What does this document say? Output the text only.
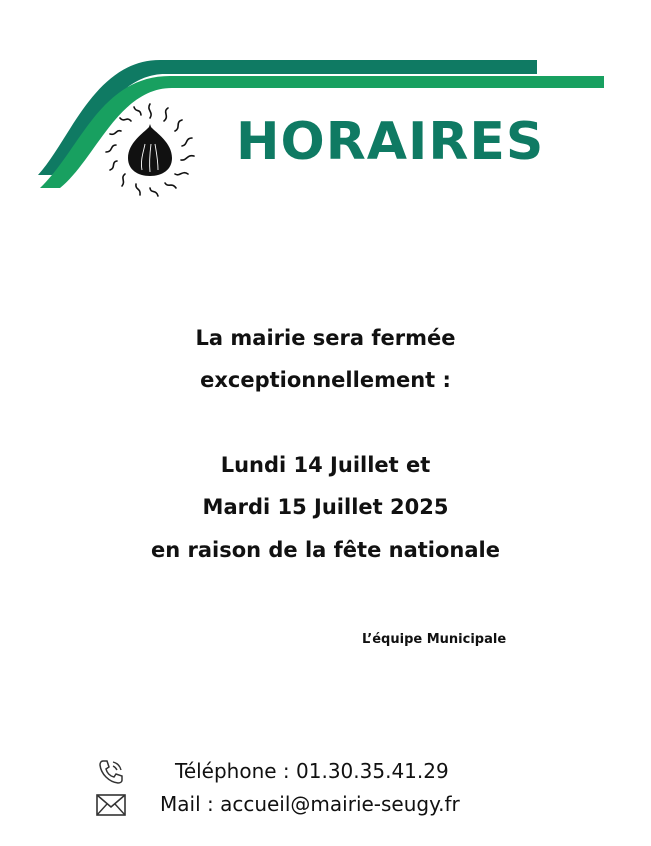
HORAIRES
La mairie sera fermée
exceptionnellement :
Lundi 14 Juillet et
Mardi 15 Juillet 2025
en raison de la fête nationale
L’équipe Municipale
Téléphone : 01.30.35.41.29
Mail : accueil@mairie-seugy.fr
